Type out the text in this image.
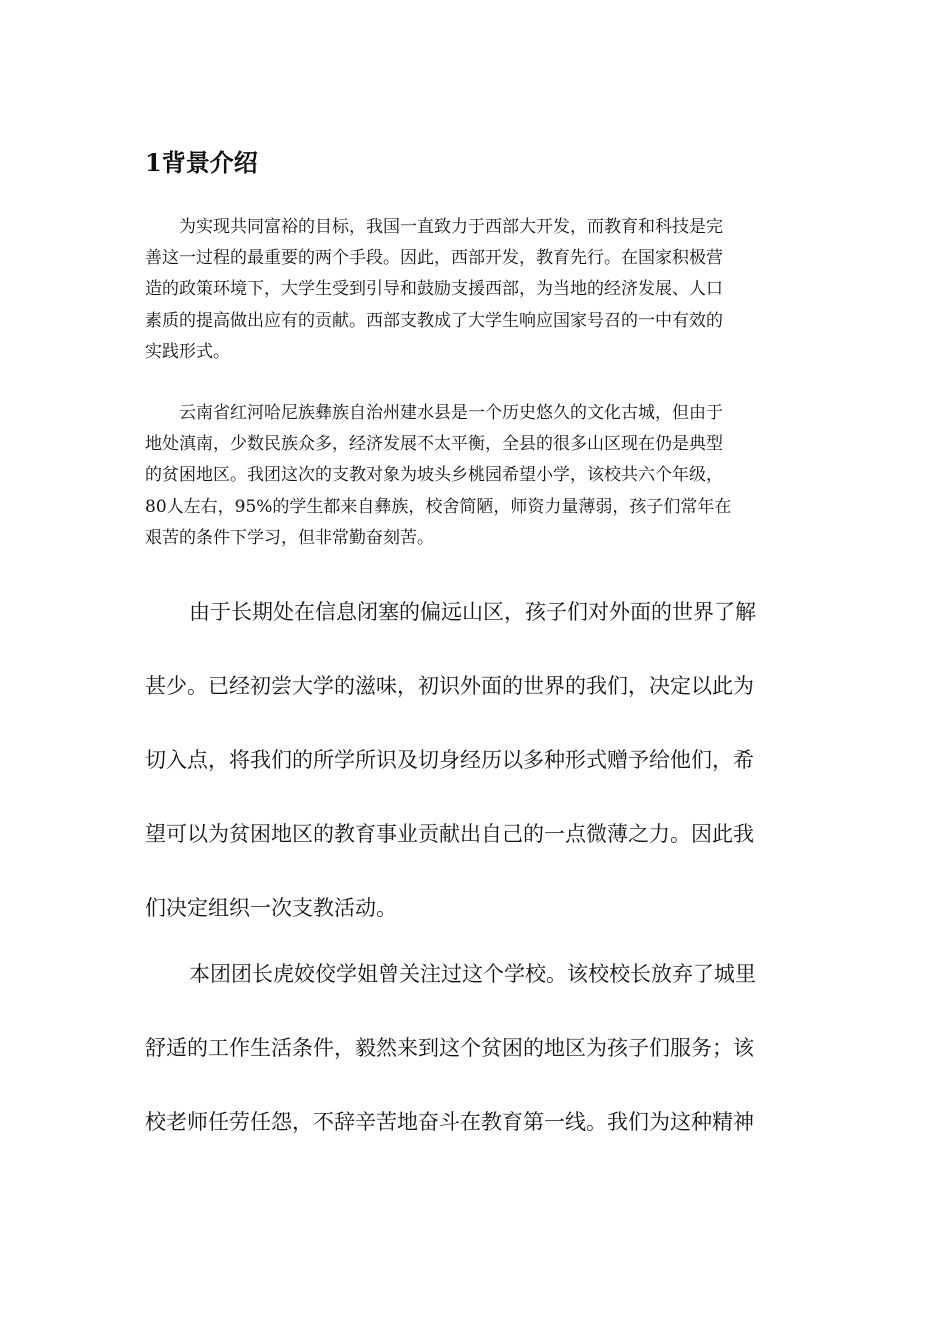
1背景介绍

为实现共同富裕的目标，我国一直致力于西部大开发，而教育和科技是完
善这一过程的最重要的两个手段。因此，西部开发，教育先行。在国家积极营
造的政策环境下，大学生受到引导和鼓励支援西部，为当地的经济发展、人口
素质的提高做出应有的贡献。西部支教成了大学生响应国家号召的一中有效的
实践形式。

云南省红河哈尼族彝族自治州建水县是一个历史悠久的文化古城，但由于
地处滇南，少数民族众多，经济发展不太平衡，全县的很多山区现在仍是典型
的贫困地区。我团这次的支教对象为坡头乡桃园希望小学，该校共六个年级，
80人左右，95%的学生都来自彝族，校舍简陋，师资力量薄弱，孩子们常年在
艰苦的条件下学习，但非常勤奋刻苦。

由于长期处在信息闭塞的偏远山区，孩子们对外面的世界了解
甚少。已经初尝大学的滋味，初识外面的世界的我们，决定以此为
切入点，将我们的所学所识及切身经历以多种形式赠予给他们，希
望可以为贫困地区的教育事业贡献出自己的一点微薄之力。因此我
们决定组织一次支教活动。

本团团长虎姣佼学姐曾关注过这个学校。该校校长放弃了城里
舒适的工作生活条件，毅然来到这个贫困的地区为孩子们服务；该
校老师任劳任怨，不辞辛苦地奋斗在教育第一线。我们为这种精神
